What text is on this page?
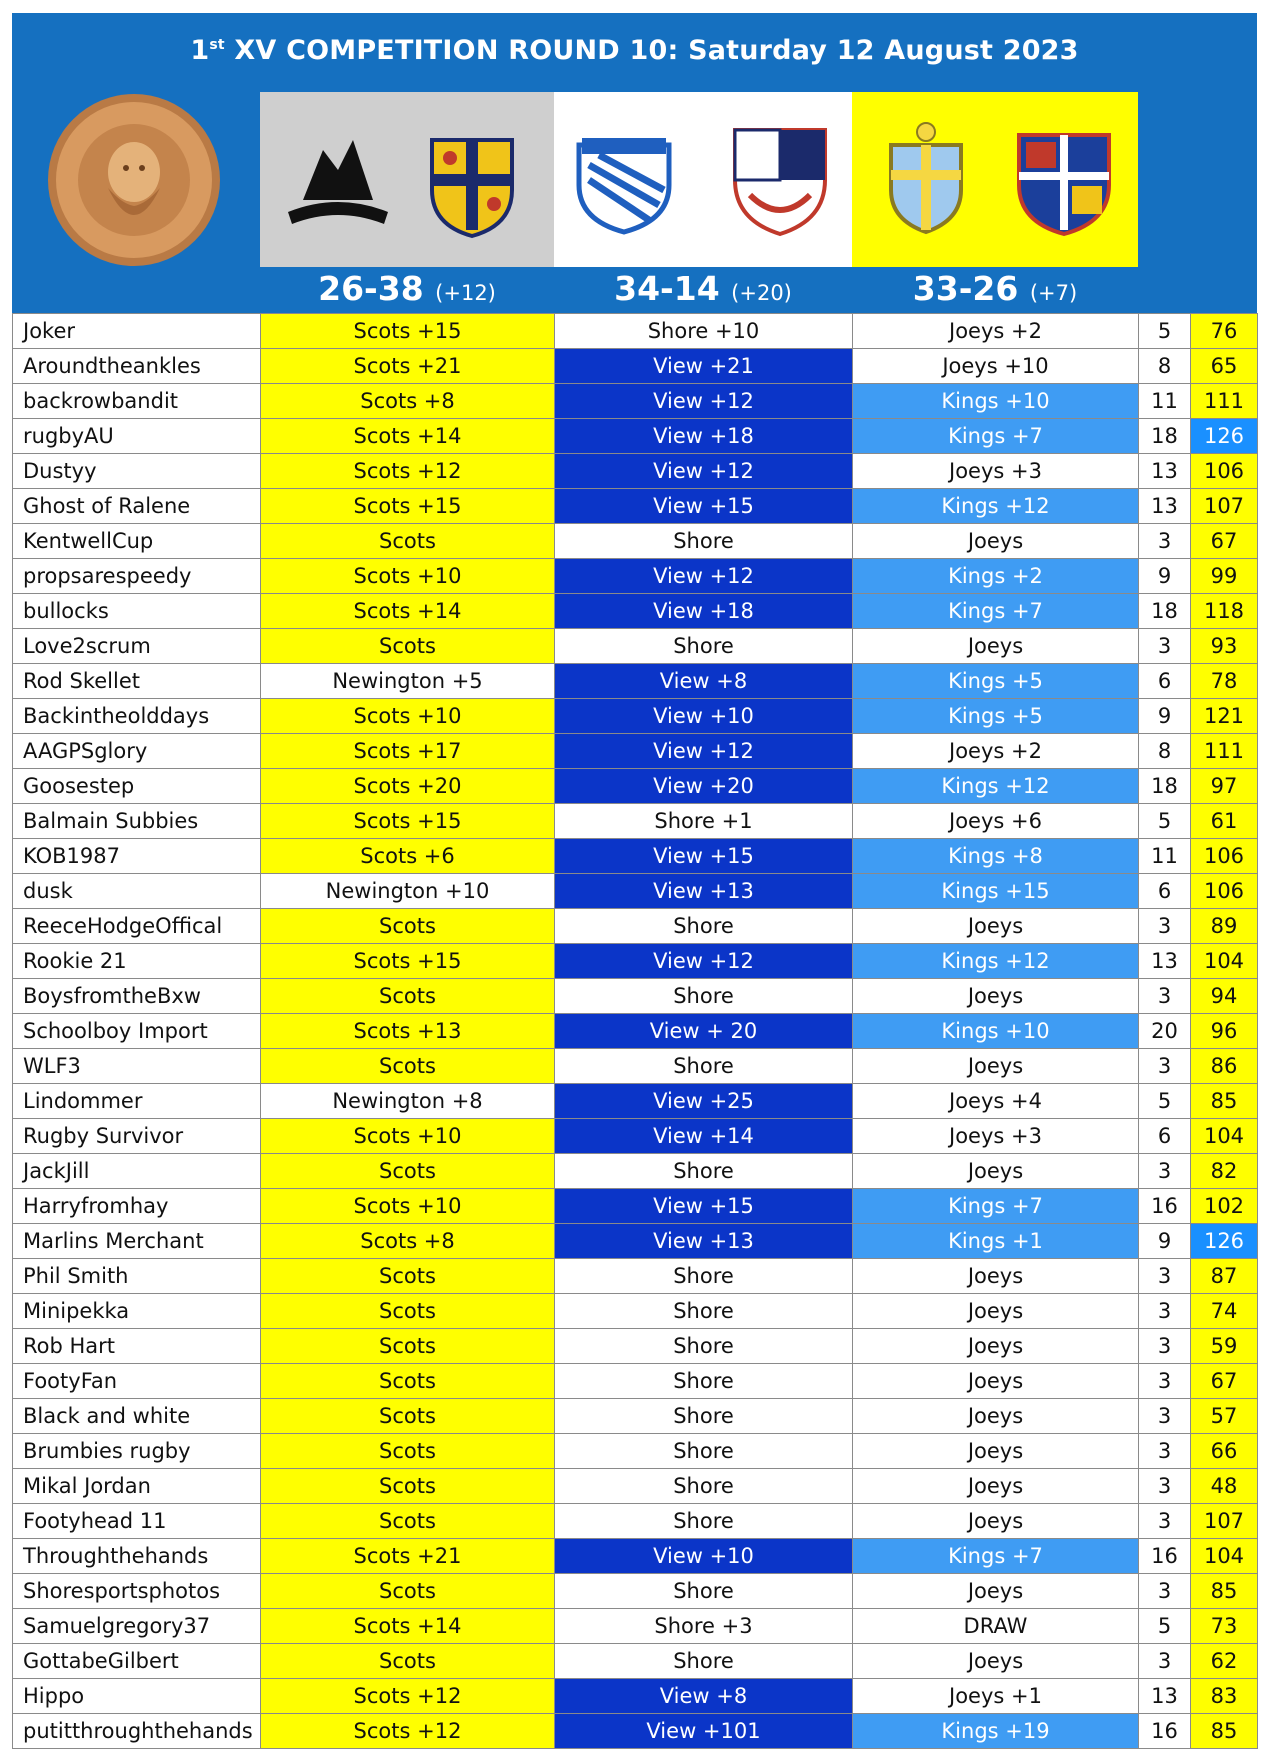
1st XV COMPETITION ROUND 10: Saturday 12 August 2023
26-38 (+12)	34-14 (+20)	33-26 (+7)
Joker	Scots +15	Shore +10	Joeys +2	5	76
Aroundtheankles	Scots +21	View +21	Joeys +10	8	65
backrowbandit	Scots +8	View +12	Kings +10	11	111
rugbyAU	Scots +14	View +18	Kings +7	18	126
Dustyy	Scots +12	View +12	Joeys +3	13	106
Ghost of Ralene	Scots +15	View +15	Kings +12	13	107
KentwellCup	Scots	Shore	Joeys	3	67
propsarespeedy	Scots +10	View +12	Kings +2	9	99
bullocks	Scots +14	View +18	Kings +7	18	118
Love2scrum	Scots	Shore	Joeys	3	93
Rod Skellet	Newington +5	View +8	Kings +5	6	78
Backintheolddays	Scots +10	View +10	Kings +5	9	121
AAGPSglory	Scots +17	View +12	Joeys +2	8	111
Goosestep	Scots +20	View +20	Kings +12	18	97
Balmain Subbies	Scots +15	Shore +1	Joeys +6	5	61
KOB1987	Scots +6	View +15	Kings +8	11	106
dusk	Newington +10	View +13	Kings +15	6	106
ReeceHodgeOffical	Scots	Shore	Joeys	3	89
Rookie 21	Scots +15	View +12	Kings +12	13	104
BoysfromtheBxw	Scots	Shore	Joeys	3	94
Schoolboy Import	Scots +13	View + 20	Kings +10	20	96
WLF3	Scots	Shore	Joeys	3	86
Lindommer	Newington +8	View +25	Joeys +4	5	85
Rugby Survivor	Scots +10	View +14	Joeys +3	6	104
JackJill	Scots	Shore	Joeys	3	82
Harryfromhay	Scots +10	View +15	Kings +7	16	102
Marlins Merchant	Scots +8	View +13	Kings +1	9	126
Phil Smith	Scots	Shore	Joeys	3	87
Minipekka	Scots	Shore	Joeys	3	74
Rob Hart	Scots	Shore	Joeys	3	59
FootyFan	Scots	Shore	Joeys	3	67
Black and white	Scots	Shore	Joeys	3	57
Brumbies rugby	Scots	Shore	Joeys	3	66
Mikal Jordan	Scots	Shore	Joeys	3	48
Footyhead 11	Scots	Shore	Joeys	3	107
Throughthehands	Scots +21	View +10	Kings +7	16	104
Shoresportsphotos	Scots	Shore	Joeys	3	85
Samuelgregory37	Scots +14	Shore +3	DRAW	5	73
GottabeGilbert	Scots	Shore	Joeys	3	62
Hippo	Scots +12	View +8	Joeys +1	13	83
putitthroughthehands	Scots +12	View +101	Kings +19	16	85
